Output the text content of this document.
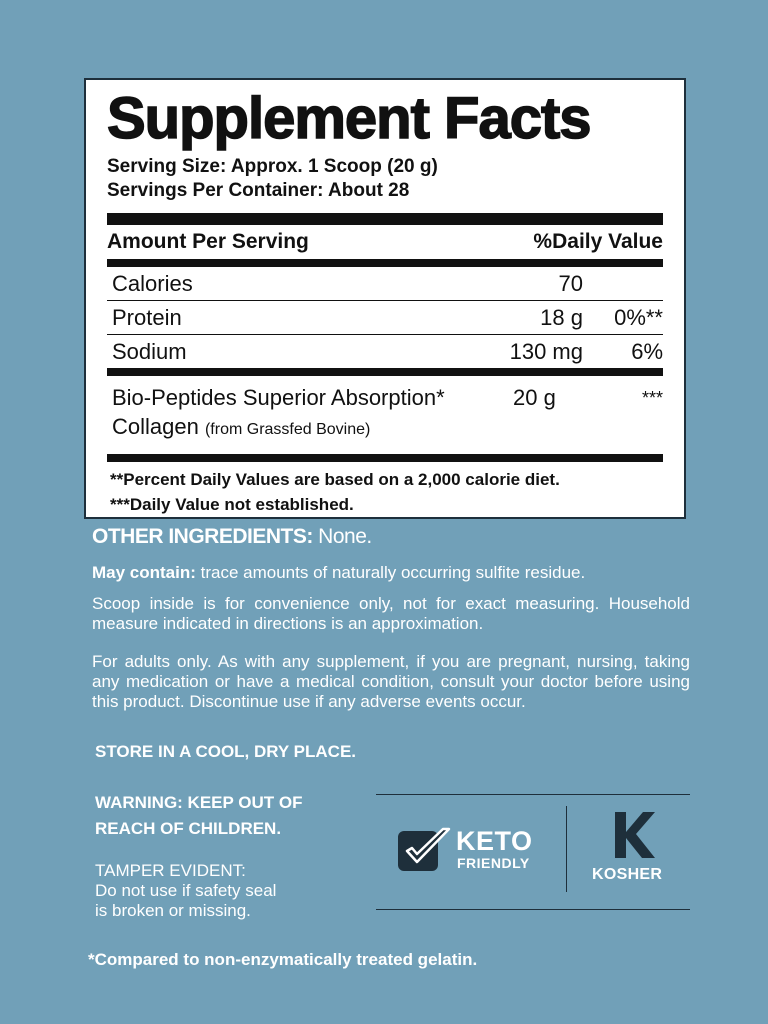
Supplement Facts
Serving Size: Approx. 1 Scoop (20 g)
Servings Per Container: About 28
Amount Per Serving	%Daily Value
Calories	70
Protein	18 g	0%**
Sodium	130 mg	6%
Bio-Peptides Superior Absorption*	20 g	***
Collagen (from Grassfed Bovine)
**Percent Daily Values are based on a 2,000 calorie diet.
***Daily Value not established.
OTHER INGREDIENTS: None.
May contain: trace amounts of naturally occurring sulfite residue.
Scoop inside is for convenience only, not for exact measuring. Household measure indicated in directions is an approximation.
For adults only. As with any supplement, if you are pregnant, nursing, taking any medication or have a medical condition, consult your doctor before using this product. Discontinue use if any adverse events occur.
STORE IN A COOL, DRY PLACE.
WARNING: KEEP OUT OF
REACH OF CHILDREN.
TAMPER EVIDENT:
Do not use if safety seal
is broken or missing.
KETO
FRIENDLY
KOSHER
*Compared to non-enzymatically treated gelatin.
